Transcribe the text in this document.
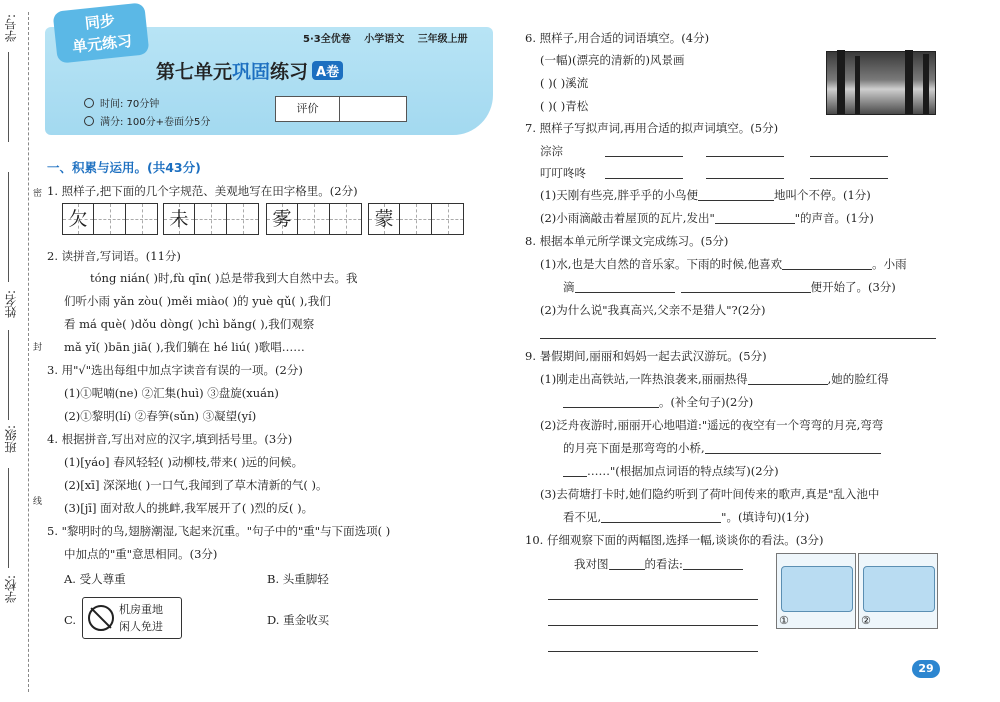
学号:
姓名:
班级:
学校:
密
封
线
同步
单元练习	5·3全优卷 小学语文 三年级上册
第七单元巩固练习 A卷
时间: 70分钟
满分: 100分+卷面分5分
评价
一、积累与运用。(共43分)
1. 照样子,把下面的几个字规范、美观地写在田字格里。(2分)
欠	未	雾	蒙
2. 读拼音,写词语。(11分)
tóng nián( )时,fù qīn( )总是带我到大自然中去。我
们听小雨 yǎn zòu( )měi miào( )的 yuè qǔ( ),我们
看 má què( )dǒu dòng( )chì bǎng( ),我们观察
mǎ yǐ( )bān jiā( ),我们躺在 hé liú( )歌唱……
3. 用"√"选出每组中加点字读音有误的一项。(2分)
(1)①呢喃(ne) ②汇集(huì) ③盘旋(xuán)
(2)①黎明(lí) ②春笋(sǔn) ③凝望(yí)
4. 根据拼音,写出对应的汉字,填到括号里。(3分)
(1)[yáo] 春风轻轻( )动柳枝,带来( )远的问候。
(2)[xī] 深深地( )一口气,我闻到了草木清新的气( )。
(3)[jī] 面对敌人的挑衅,我军展开了( )烈的反( )。
5. "黎明时的鸟,翅膀潮湿,飞起来沉重。"句子中的"重"与下面选项( )
中加点的"重"意思相同。(3分)
A. 受人尊重	B. 头重脚轻
C.
机房重地
闲人免进	D. 重金收买
6. 照样子,用合适的词语填空。(4分)
(一幅)(漂亮的清新的)风景画
( )( )溪流
( )( )青松
7. 照样子写拟声词,再用合适的拟声词填空。(5分)
淙淙
叮叮咚咚
(1)天刚有些亮,胖乎乎的小鸟便	地叫个不停。(1分)
(2)小雨滴敲击着屋顶的瓦片,发出"	"的声音。(1分)
8. 根据本单元所学课文完成练习。(5分)
(1)水,也是大自然的音乐家。下雨的时候,他喜欢	。小雨
滴	便开始了。(3分)
(2)为什么说"我真高兴,父亲不是猎人"?(2分)
9. 暑假期间,丽丽和妈妈一起去武汉游玩。(5分)
(1)刚走出高铁站,一阵热浪袭来,丽丽热得	,她的脸红得
。(补全句子)(2分)
(2)泛舟夜游时,丽丽开心地唱道:"遥远的夜空有一个弯弯的月亮,弯弯
的月亮下面是那弯弯的小桥,
……"(根据加点词语的特点续写)(2分)
(3)去荷塘打卡时,她们隐约听到了荷叶间传来的歌声,真是"乱入池中
看不见,	"。(填诗句)(1分)
10. 仔细观察下面的两幅图,选择一幅,谈谈你的看法。(3分)
我对图	的看法:
①	②
29
